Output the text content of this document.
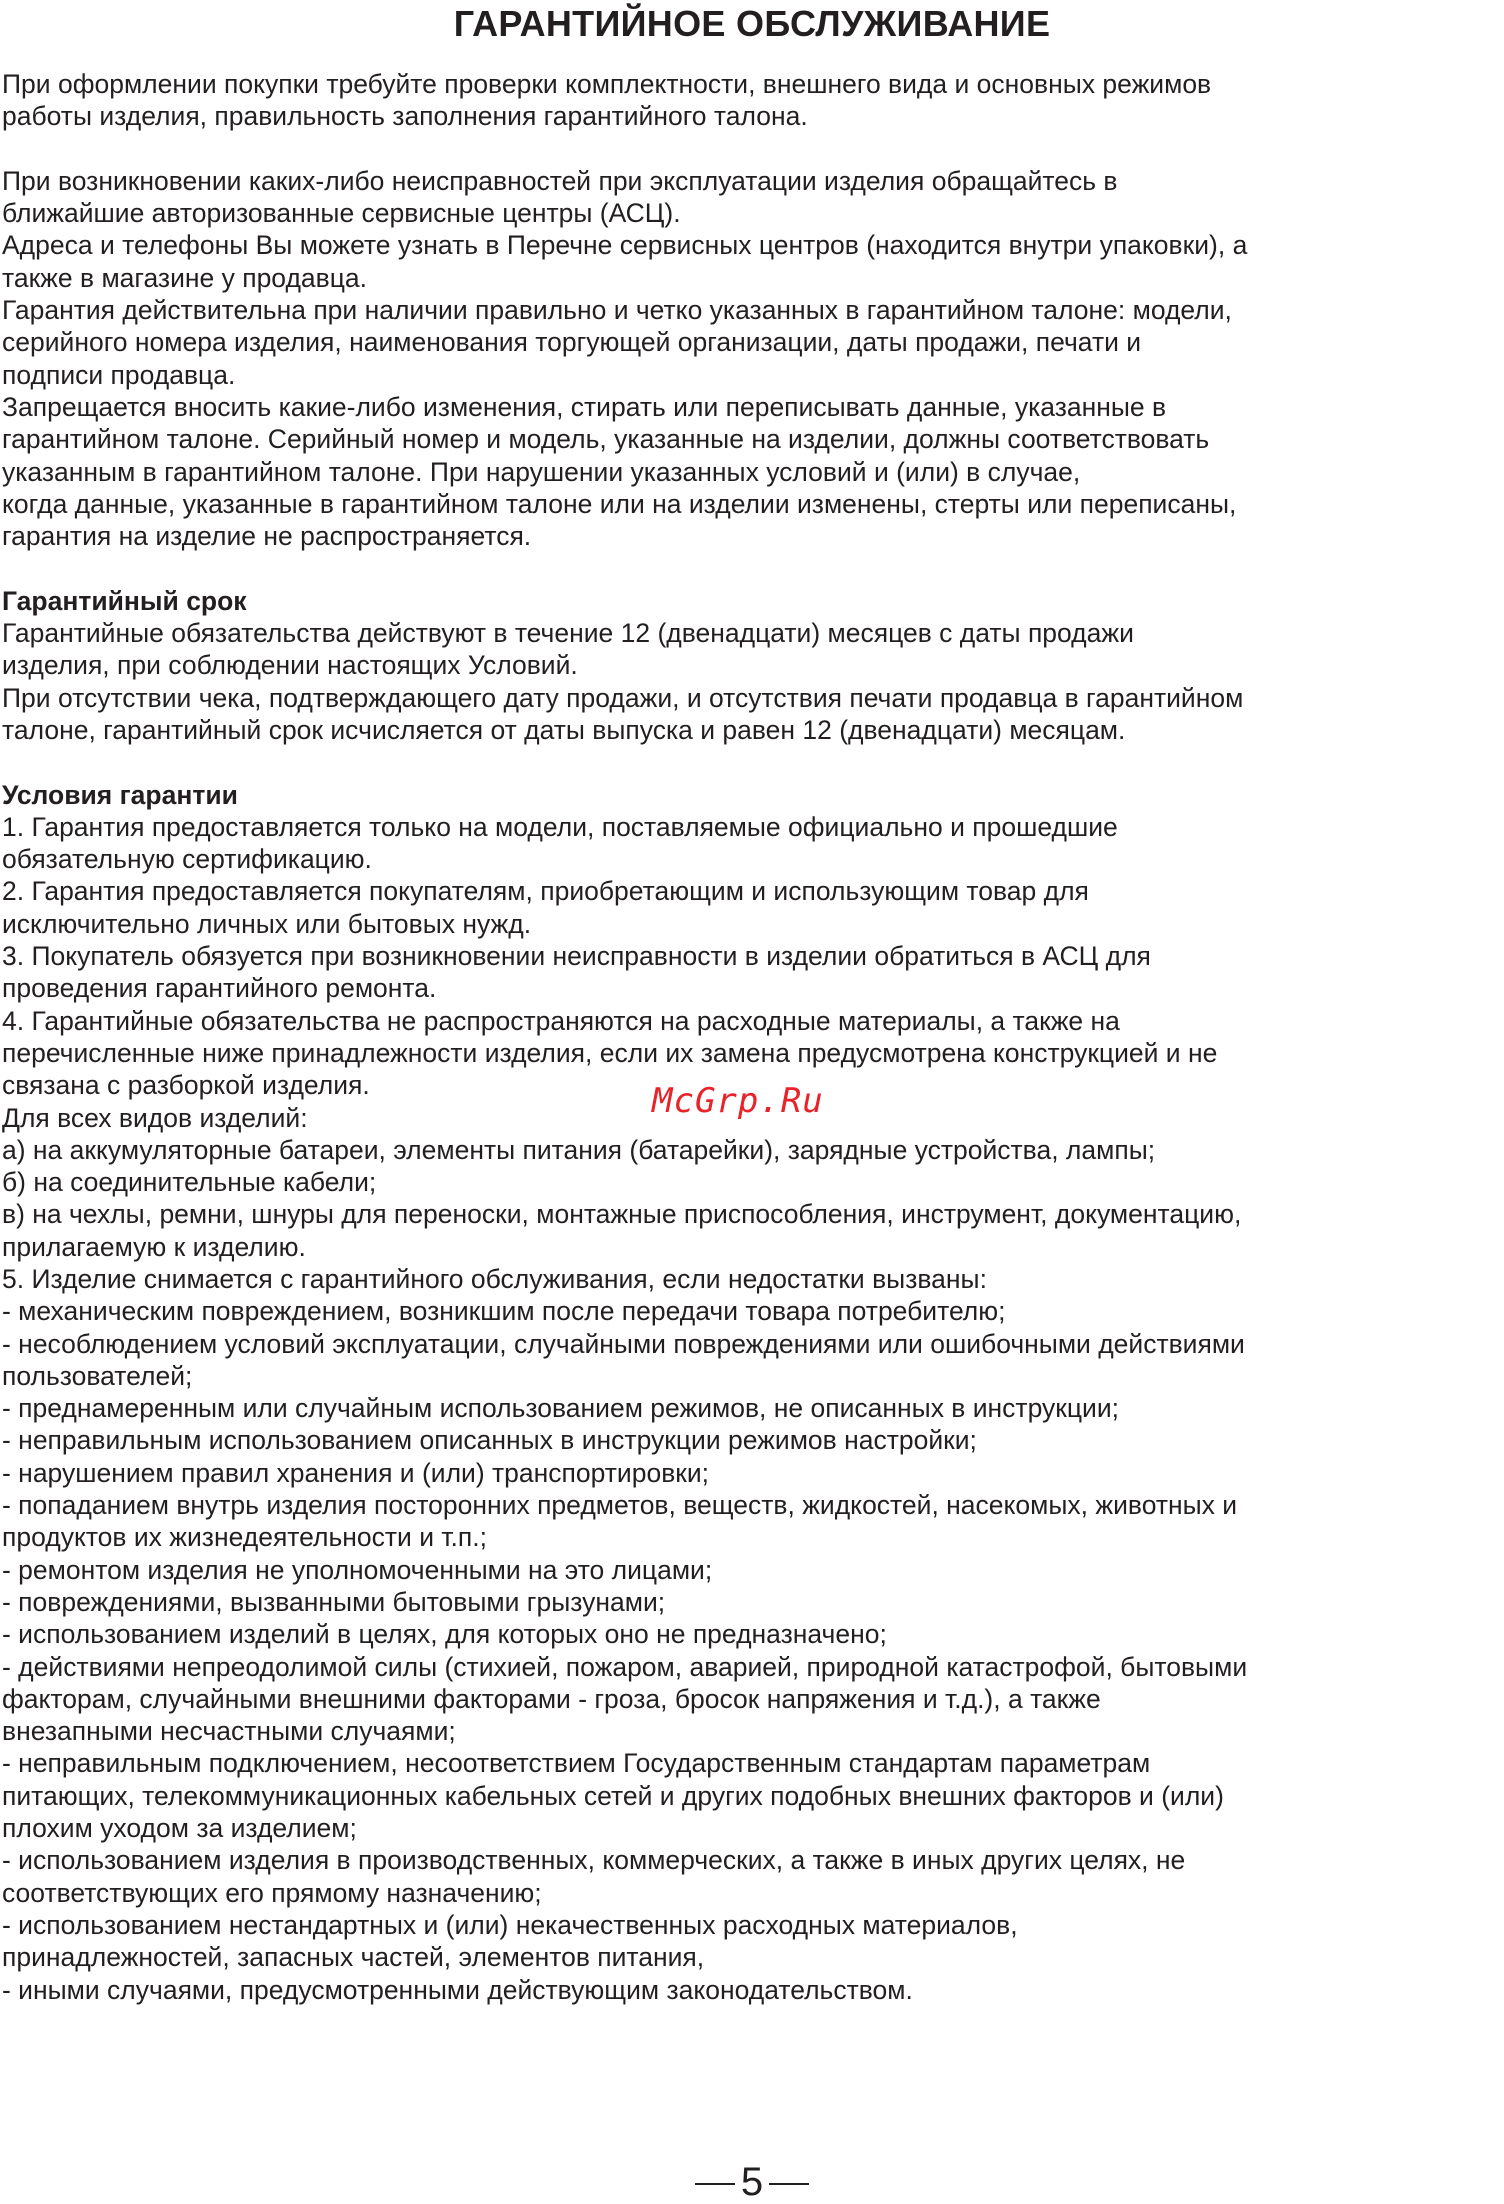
ГАРАНТИЙНОЕ ОБСЛУЖИВАНИЕ
При оформлении покупки требуйте проверки комплектности, внешнего вида и основных режимов
работы изделия, правильность заполнения гарантийного талона.
При возникновении каких-либо неисправностей при эксплуатации изделия обращайтесь в
ближайшие авторизованные сервисные центры (АСЦ).
Адреса и телефоны Вы можете узнать в Перечне сервисных центров (находится внутри упаковки), а
также в магазине у продавца.
Гарантия действительна при наличии правильно и четко указанных в гарантийном талоне: модели,
серийного номера изделия, наименования торгующей организации, даты продажи, печати и
подписи продавца.
Запрещается вносить какие-либо изменения, стирать или переписывать данные, указанные в
гарантийном талоне. Серийный номер и модель, указанные на изделии, должны соответствовать
указанным в гарантийном талоне. При нарушении указанных условий и (или) в случае,
когда данные, указанные в гарантийном талоне или на изделии изменены, стерты или переписаны,
гарантия на изделие не распространяется.
Гарантийный срок
Гарантийные обязательства действуют в течение 12 (двенадцати) месяцев с даты продажи
изделия, при соблюдении настоящих Условий.
При отсутствии чека, подтверждающего дату продажи, и отсутствия печати продавца в гарантийном
талоне, гарантийный срок исчисляется от даты выпуска и равен 12 (двенадцати) месяцам.
Условия гарантии
1. Гарантия предоставляется только на модели, поставляемые официально и прошедшие
обязательную сертификацию.
2. Гарантия предоставляется покупателям, приобретающим и использующим товар для
исключительно личных или бытовых нужд.
3. Покупатель обязуется при возникновении неисправности в изделии обратиться в АСЦ для
проведения гарантийного ремонта.
4. Гарантийные обязательства не распространяются на расходные материалы, а также на
перечисленные ниже принадлежности изделия, если их замена предусмотрена конструкцией и не
связана с разборкой изделия.
Для всех видов изделий:
а) на аккумуляторные батареи, элементы питания (батарейки), зарядные устройства, лампы;
б) на соединительные кабели;
в) на чехлы, ремни, шнуры для переноски, монтажные приспособления, инструмент, документацию,
прилагаемую к изделию.
5. Изделие снимается с гарантийного обслуживания, если недостатки вызваны:
- механическим повреждением, возникшим после передачи товара потребителю;
- несоблюдением условий эксплуатации, случайными повреждениями или ошибочными действиями
пользователей;
- преднамеренным или случайным использованием режимов, не описанных в инструкции;
- неправильным использованием описанных в инструкции режимов настройки;
- нарушением правил хранения и (или) транспортировки;
- попаданием внутрь изделия посторонних предметов, веществ, жидкостей, насекомых, животных и
продуктов их жизнедеятельности и т.п.;
- ремонтом изделия не уполномоченными на это лицами;
- повреждениями, вызванными бытовыми грызунами;
- использованием изделий в целях, для которых оно не предназначено;
- действиями непреодолимой силы (стихией, пожаром, аварией, природной катастрофой, бытовыми
факторам, случайными внешними факторами - гроза, бросок напряжения и т.д.), а также
внезапными несчастными случаями;
- неправильным подключением, несоответствием Государственным стандартам параметрам
питающих, телекоммуникационных кабельных сетей и других подобных внешних факторов и (или)
плохим уходом за изделием;
- использованием изделия в производственных, коммерческих, а также в иных других целях, не
соответствующих его прямому назначению;
- использованием нестандартных и (или) некачественных расходных материалов,
принадлежностей, запасных частей, элементов питания,
- иными случаями, предусмотренными действующим законодательством.
McGrp.Ru
5
